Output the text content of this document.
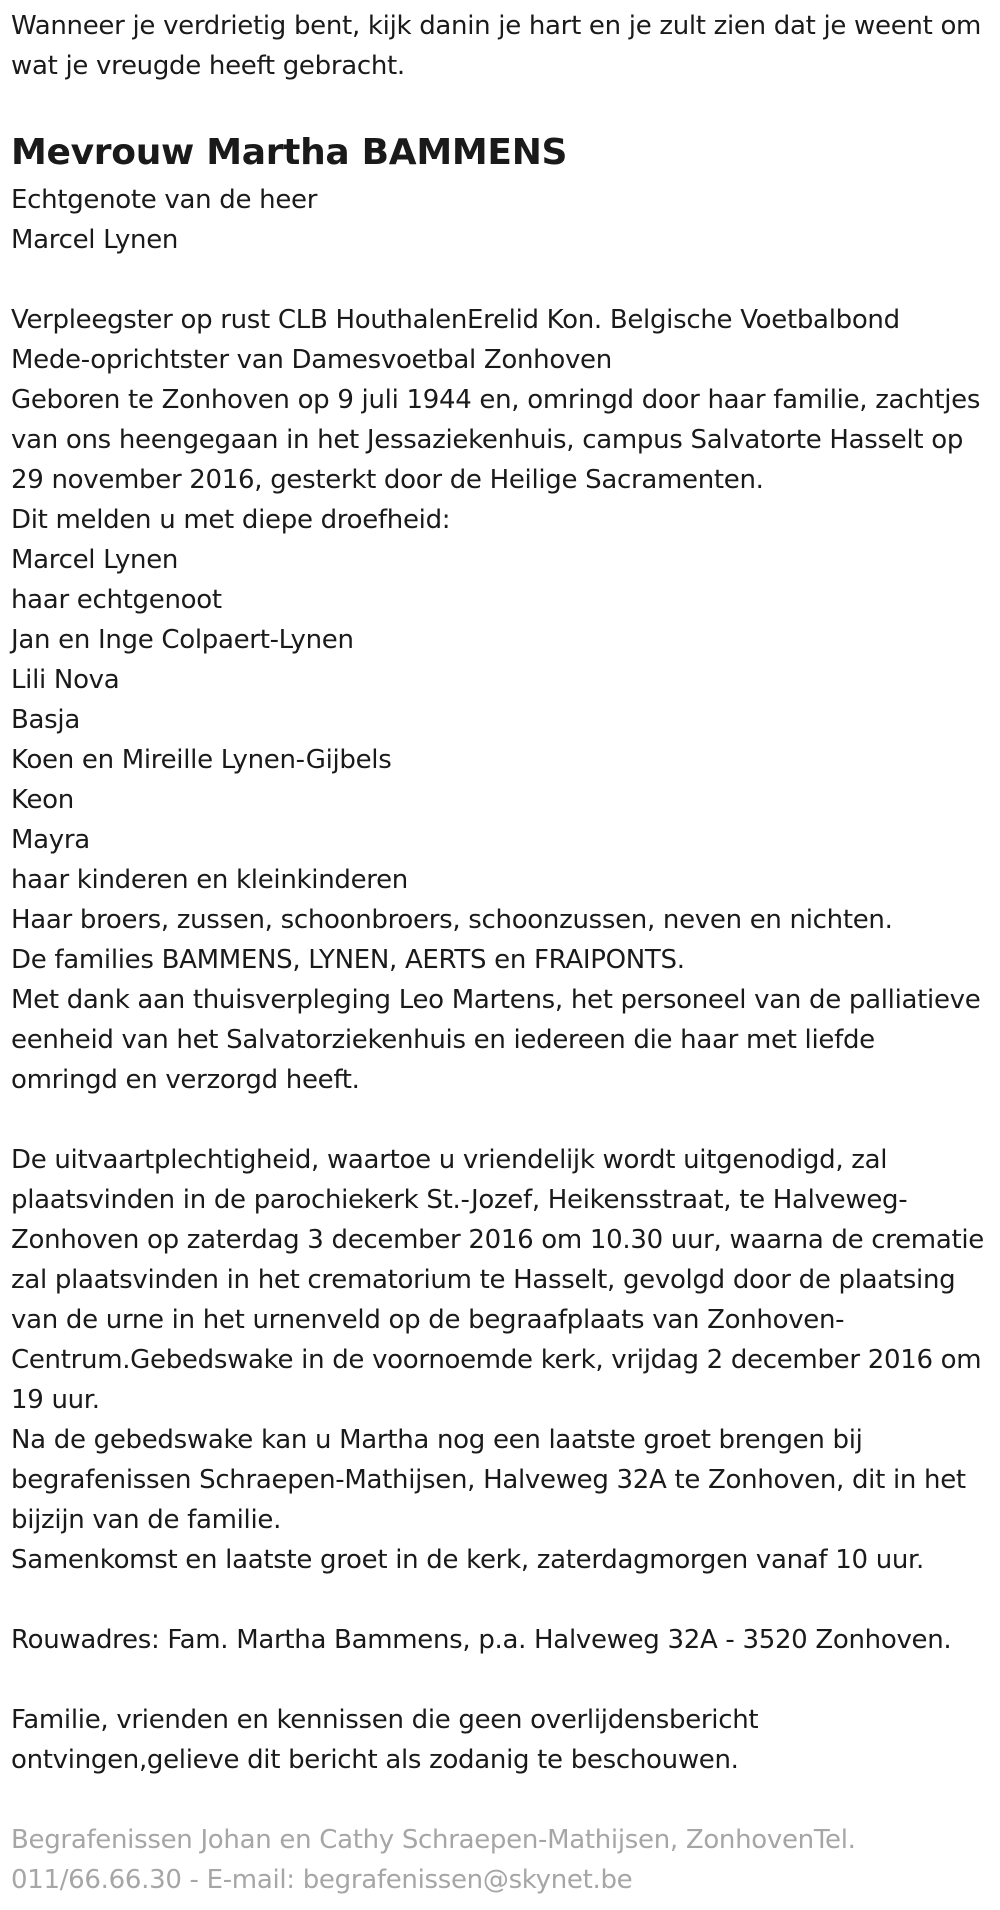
Wanneer je verdrietig bent, kijk danin je hart en je zult zien dat je weent om wat je vreugde heeft gebracht.
Mevrouw Martha BAMMENS
Echtgenote van de heer
Marcel Lynen
Verpleegster op rust CLB HouthalenErelid Kon. Belgische Voetbalbond
Mede-oprichtster van Damesvoetbal Zonhoven
Geboren te Zonhoven op 9 juli 1944 en, omringd door haar familie, zachtjes van ons heengegaan in het Jessaziekenhuis, campus Salvatorte Hasselt op 29 november 2016, gesterkt door de Heilige Sacramenten.
Dit melden u met diepe droefheid:
Marcel Lynen
haar echtgenoot
Jan en Inge Colpaert-Lynen
Lili Nova
Basja
Koen en Mireille Lynen-Gijbels
Keon
Mayra
haar kinderen en kleinkinderen
Haar broers, zussen, schoonbroers, schoonzussen, neven en nichten.
De families BAMMENS, LYNEN, AERTS en FRAIPONTS.
Met dank aan thuisverpleging Leo Martens, het personeel van de palliatieve eenheid van het Salvatorziekenhuis en iedereen die haar met liefde omringd en verzorgd heeft.
De uitvaartplechtigheid, waartoe u vriendelijk wordt uitgenodigd, zal plaatsvinden in de parochiekerk St.-Jozef, Heikensstraat, te Halveweg-Zonhoven op zaterdag 3 december 2016 om 10.30 uur, waarna de crematie zal plaatsvinden in het crematorium te Hasselt, gevolgd door de plaatsing van de urne in het urnenveld op de begraafplaats van Zonhoven-Centrum.Gebedswake in de voornoemde kerk, vrijdag 2 december 2016 om 19 uur.
Na de gebedswake kan u Martha nog een laatste groet brengen bij begrafenissen Schraepen-Mathijsen, Halveweg 32A te Zonhoven, dit in het bijzijn van de familie.
Samenkomst en laatste groet in de kerk, zaterdagmorgen vanaf 10 uur.
Rouwadres: Fam. Martha Bammens, p.a. Halveweg 32A - 3520 Zonhoven.
Familie, vrienden en kennissen die geen overlijdensbericht ontvingen,gelieve dit bericht als zodanig te beschouwen.
Begrafenissen Johan en Cathy Schraepen-Mathijsen, ZonhovenTel. 011/66.66.30 - E-mail: begrafenissen@skynet.be
